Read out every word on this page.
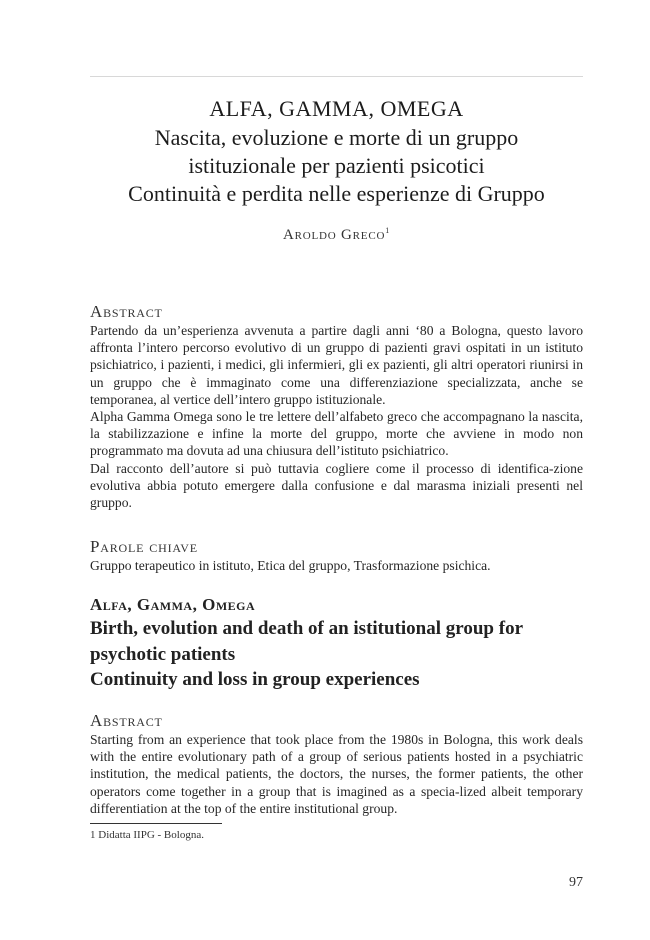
ALFA, GAMMA, OMEGA
Nascita, evoluzione e morte di un gruppo
istituzionale per pazienti psicotici
Continuità e perdita nelle esperienze di Gruppo
Aroldo Greco$^1$
Abstract

Partendo da un’esperienza avvenuta a partire dagli anni ‘80 a Bologna, questo lavoro affronta l’intero percorso evolutivo di un gruppo di pazienti gravi ospitati in un istituto psichiatrico, i pazienti, i medici, gli infermieri, gli ex pazienti, gli altri operatori riunirsi in un gruppo che è immaginato come una differenziazione specializzata, anche se temporanea, al vertice dell’intero gruppo istituzionale.

Alpha Gamma Omega sono le tre lettere dell’alfabeto greco che accompagnano la nascita, la stabilizzazione e infine la morte del gruppo, morte che avviene in modo non programmato ma dovuta ad una chiusura dell’istituto psichiatrico.

Dal racconto dell’autore si può tuttavia cogliere come il processo di identifica-zione evolutiva abbia potuto emergere dalla confusione e dal marasma iniziali presenti nel gruppo.

Parole chiave
Gruppo terapeutico in istituto, Etica del gruppo, Trasformazione psichica.
Alfa, Gamma, Omega
Birth, evolution and death of an istitutional group for
psychotic patients
Continuity and loss in group experiences
Abstract
Starting from an experience that took place from the 1980s in Bologna, this work deals with the entire evolutionary path of a group of serious patients hosted in a psychiatric institution, the medical patients, the doctors, the nurses, the former patients, the other operators come together in a group that is imagined as a specia-lized albeit temporary differentiation at the top of the entire institutional group.
1 Didatta IIPG - Bologna.
97
